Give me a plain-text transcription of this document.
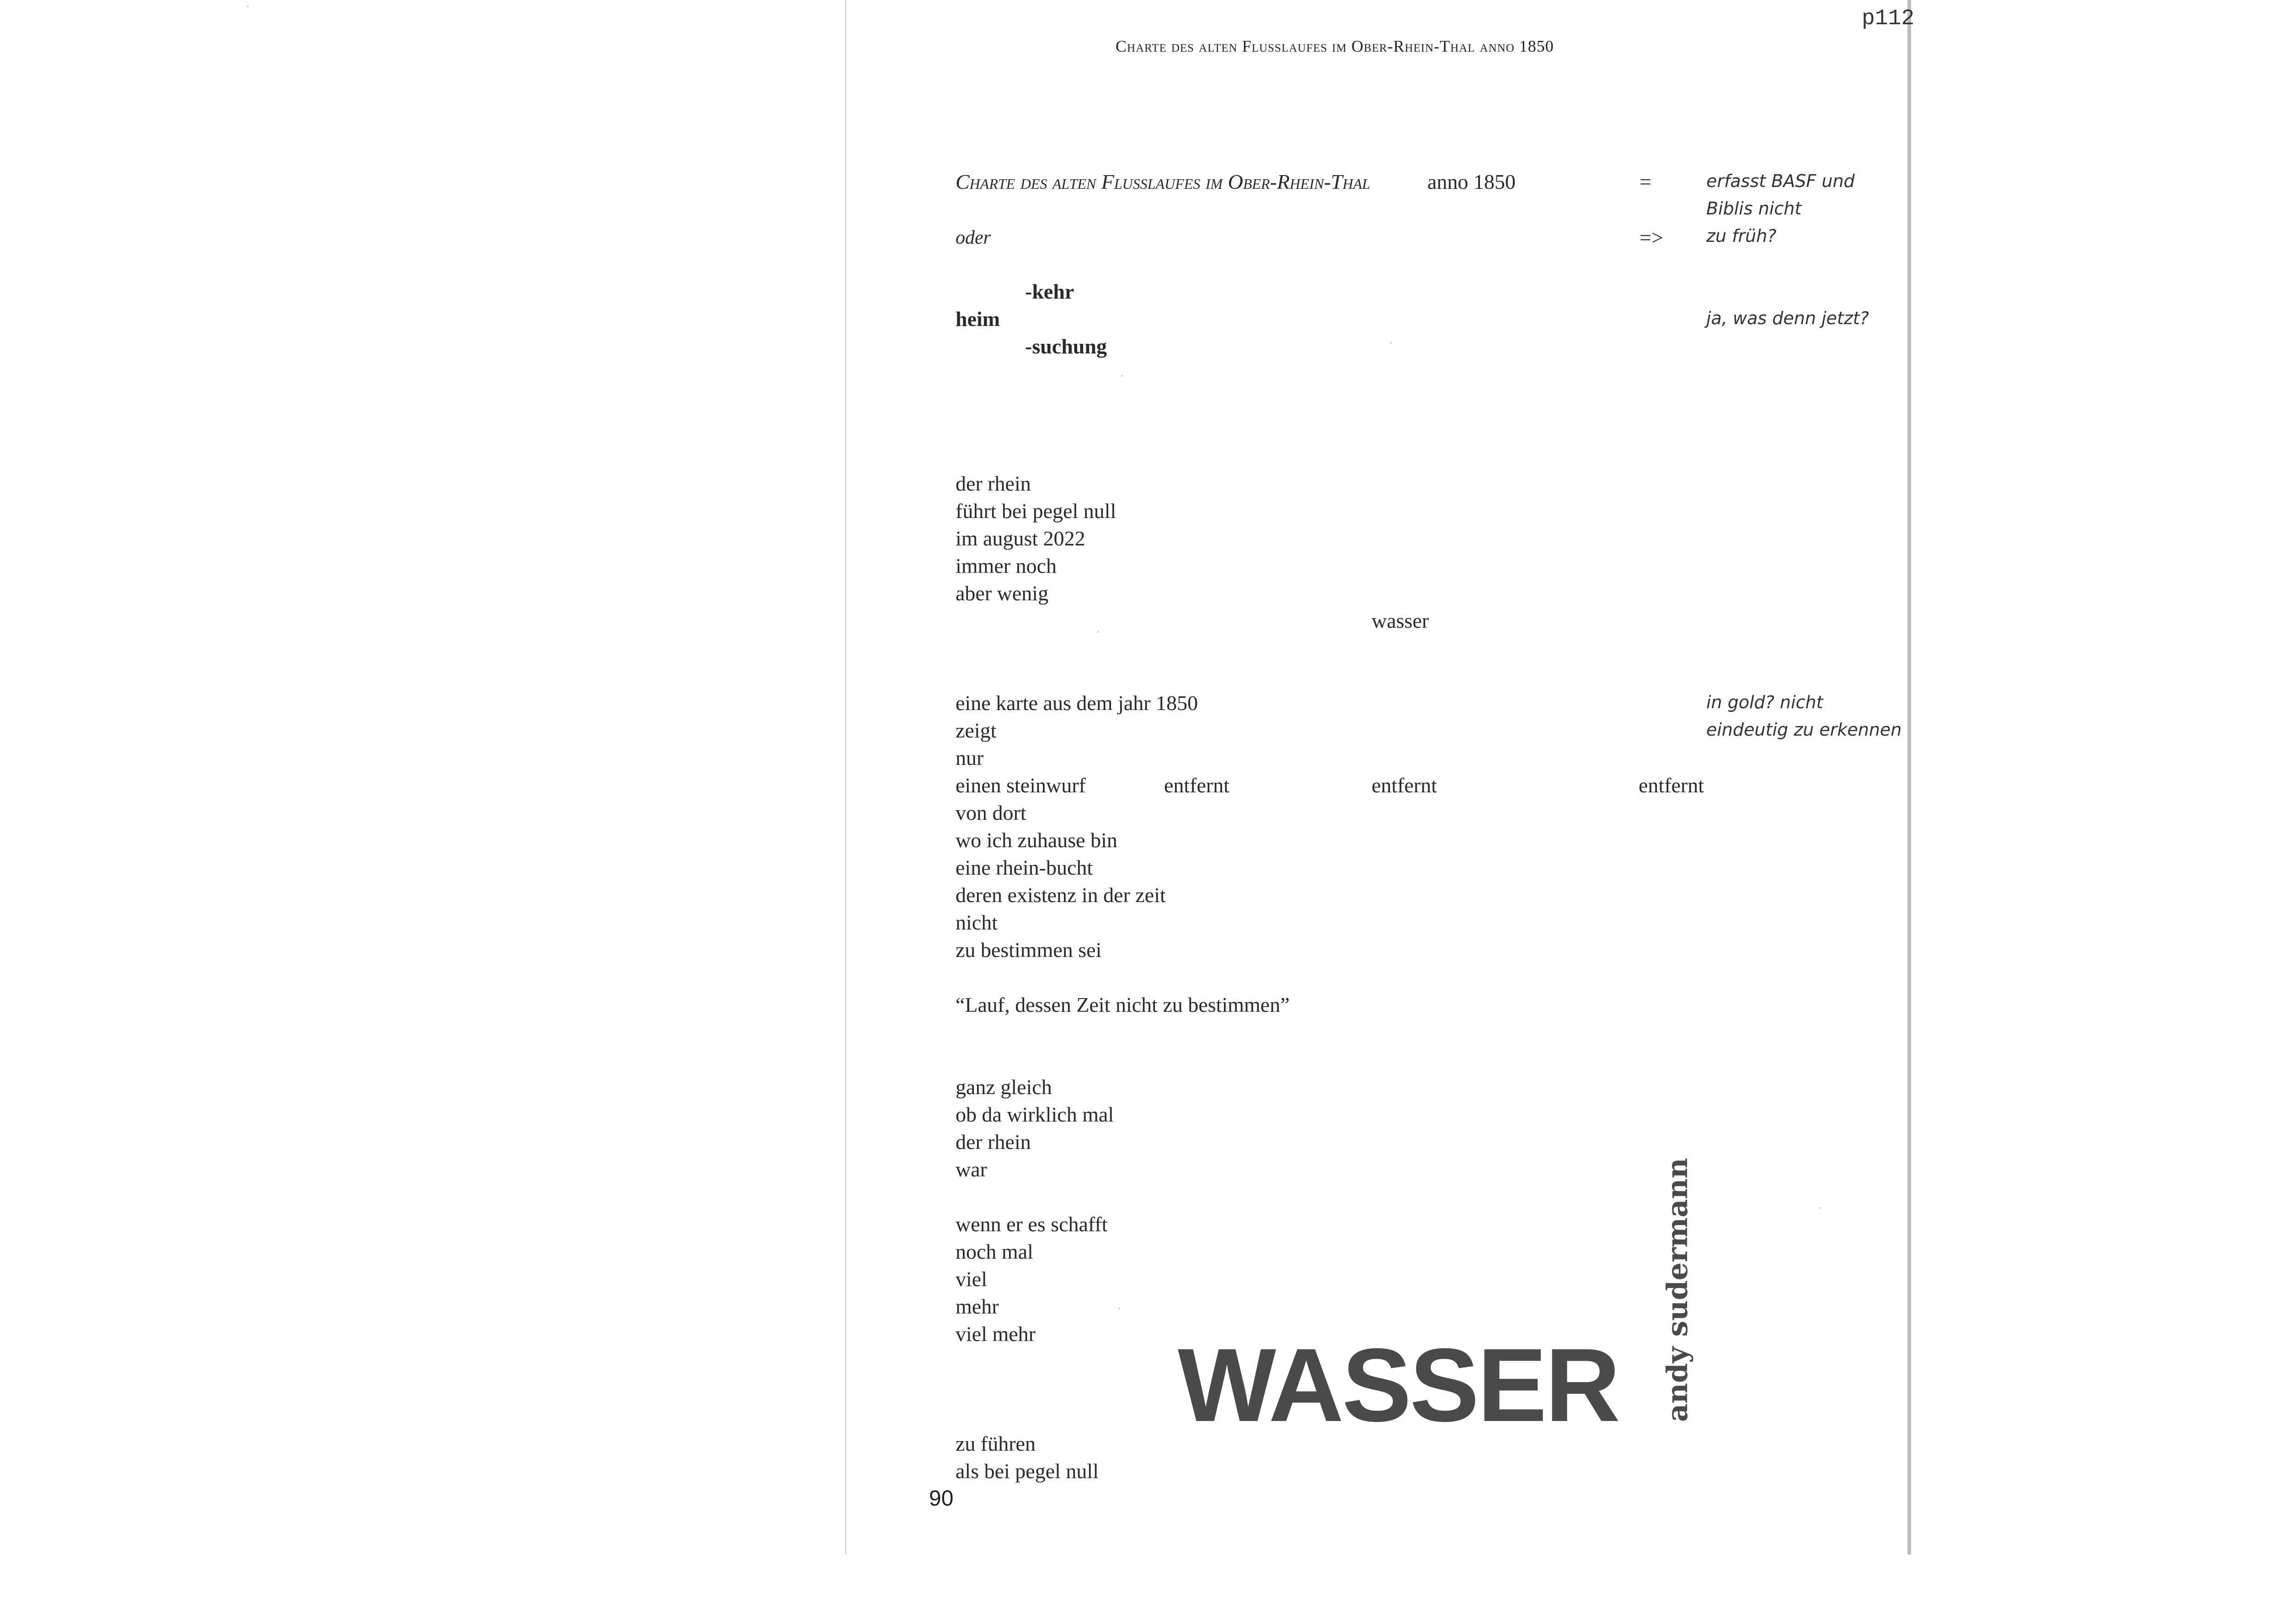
p112
Charte des alten Flusslaufes im Ober-Rhein-Thal anno 1850
Charte des alten Flusslaufes im Ober-Rhein-Thal	anno 1850	=	erfasst BASF und
Biblis nicht
oder	=> zu früh?
-kehr
heim
-suchung
ja, was denn jetzt?
der rhein
führt bei pegel null
im august 2022
immer noch
aber wenig
wasser
eine karte aus dem jahr 1850
zeigt
nur
einen steinwurf
von dort
wo ich zuhause bin
eine rhein-bucht
deren existenz in der zeit
nicht
zu bestimmen sei
entfernt	entfernt	entfernt
in gold? nicht
eindeutig zu erkennen
“Lauf, dessen Zeit nicht zu bestimmen”
ganz gleich
ob da wirklich mal
der rhein
war
wenn er es schafft
noch mal
viel
mehr
viel mehr
zu führen
als bei pegel null
WASSER andy sudermann
90
